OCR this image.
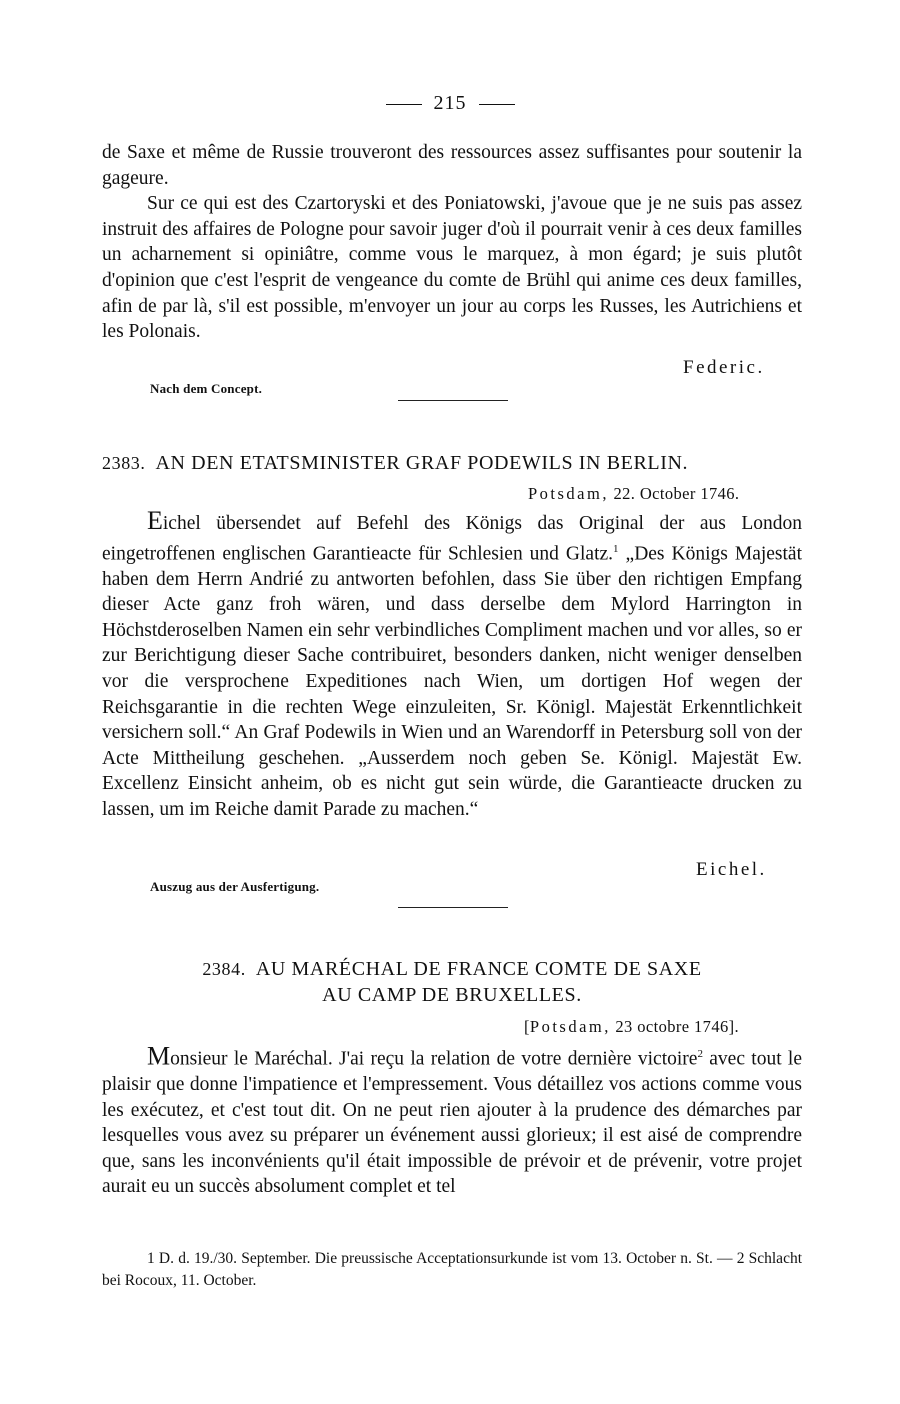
215

de Saxe et même de Russie trouveront des ressources assez suffisantes pour soutenir la gageure.

Sur ce qui est des Czartoryski et des Poniatowski, j'avoue que je ne suis pas assez instruit des affaires de Pologne pour savoir juger d'où il pourrait venir à ces deux familles un acharnement si opiniâtre, comme vous le marquez, à mon égard; je suis plutôt d'opinion que c'est l'esprit de vengeance du comte de Brühl qui anime ces deux familles, afin de par là, s'il est possible, m'envoyer un jour au corps les Russes, les Autrichiens et les Polonais.

Federic.
Nach dem Concept.
2383. AN DEN ETATSMINISTER GRAF PODEWILS IN BERLIN.
Potsdam, 22. October 1746.

Eichel übersendet auf Befehl des Königs das Original der aus London eingetroffenen englischen Garantieacte für Schlesien und Glatz.$^1$ „Des Königs Majestät haben dem Herrn Andrié zu antworten befohlen, dass Sie über den richtigen Empfang dieser Acte ganz froh wären, und dass derselbe dem Mylord Harrington in Höchstderoselben Namen ein sehr verbindliches Compliment machen und vor alles, so er zur Berichtigung dieser Sache contribuiret, besonders danken, nicht weniger denselben vor die versprochene Expeditiones nach Wien, um dortigen Hof wegen der Reichsgarantie in die rechten Wege einzuleiten, Sr. Königl. Majestät Erkenntlichkeit versichern soll.“ An Graf Podewils in Wien und an Warendorff in Petersburg soll von der Acte Mittheilung geschehen. „Ausserdem noch geben Se. Königl. Majestät Ew. Excellenz Einsicht anheim, ob es nicht gut sein würde, die Garantieacte drucken zu lassen, um im Reiche damit Parade zu machen.“

Eichel.
Auszug aus der Ausfertigung.
2384. AU MARÉCHAL DE FRANCE COMTE DE SAXE
AU CAMP DE BRUXELLES.
[Potsdam, 23 octobre 1746].

Monsieur le Maréchal. J'ai reçu la relation de votre dernière victoire$^2$ avec tout le plaisir que donne l'impatience et l'empressement. Vous détaillez vos actions comme vous les exécutez, et c'est tout dit. On ne peut rien ajouter à la prudence des démarches par lesquelles vous avez su préparer un événement aussi glorieux; il est aisé de comprendre que, sans les inconvénients qu'il était impossible de prévoir et de prévenir, votre projet aurait eu un succès absolument complet et tel

1 D. d. 19./30. September. Die preussische Acceptationsurkunde ist vom 13. October n. St. — 2 Schlacht bei Rocoux, 11. October.
